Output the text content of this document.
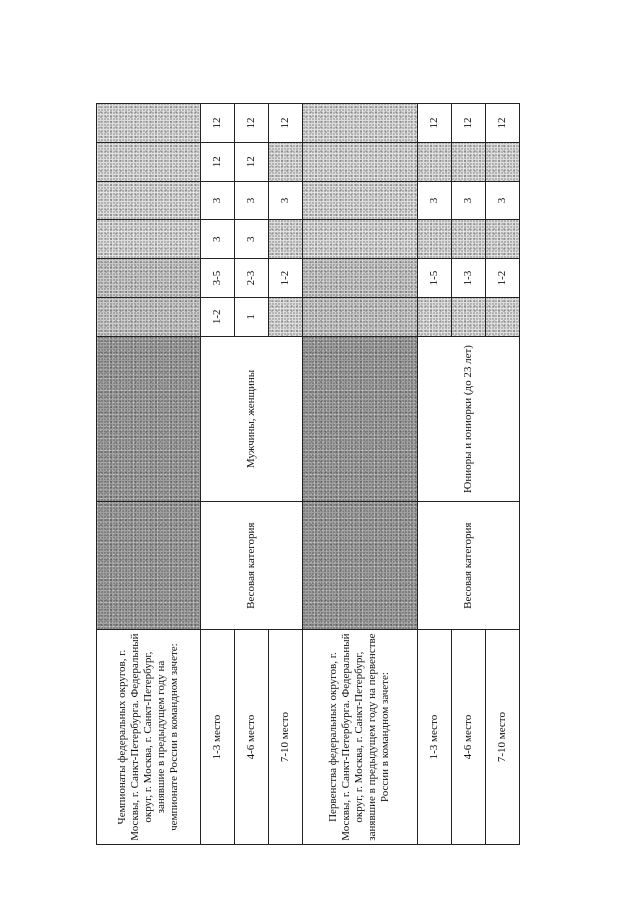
Чемпионаты федеральных округов, г. Москвы, г. Санкт-Петербурга. Федеральный округ, г. Москва, г. Санкт-Петербург, занявшие в предыдущем году на чемпионате России в командном зачете:								
1-3 место	Весовая категория	Мужчины, женщины	1-2	3-5	3	3	12	12
4-6 место			1	2-3	3	3	12	12
7-10 место				1-2		3		12
Первенства федеральных округов, г. Москвы, г. Санкт-Петербурга. Федеральный округ, г. Москва, г. Санкт-Петербург, занявшие в предыдущем году на первенстве России в командном зачете:								
1-3 место	Весовая категория	Юниоры и юниорки (до 23 лет)		1-5		3		12
4-6 место				1-3		3		12
7-10 место				1-2		3		12
